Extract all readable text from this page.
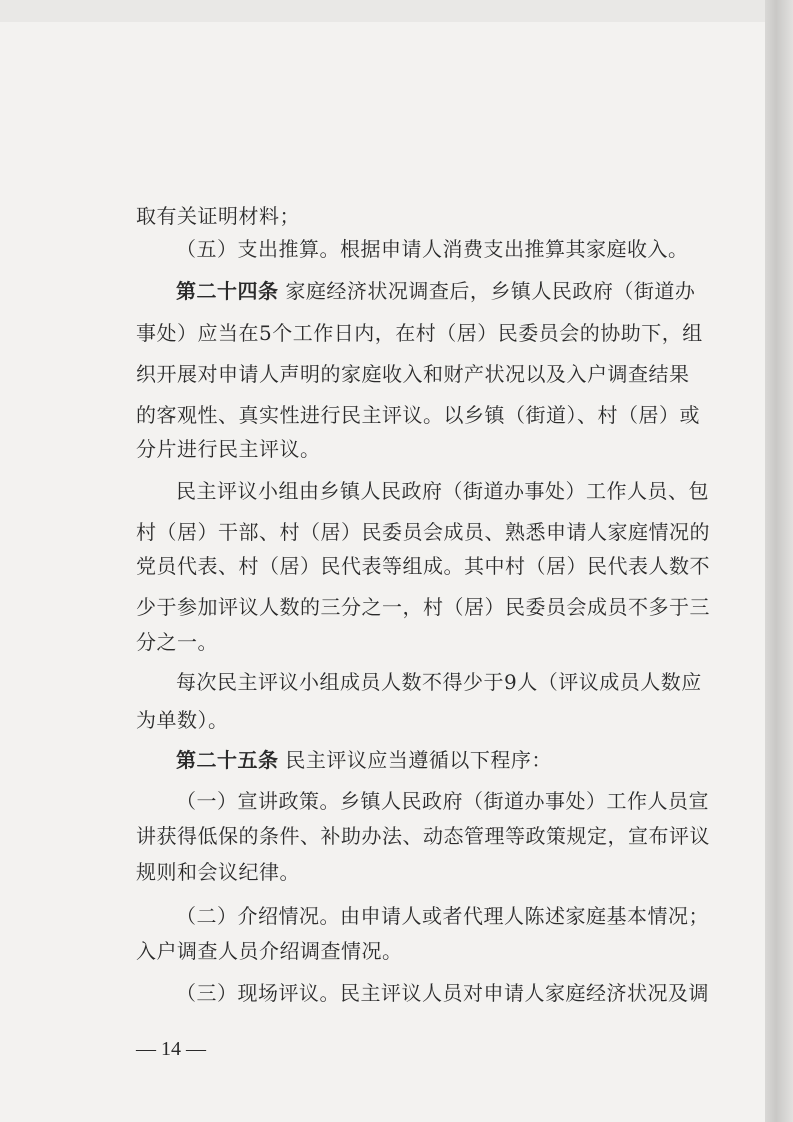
取有关证明材料；
（五）支出推算。根据申请人消费支出推算其家庭收入。
第二十四条 家庭经济状况调查后，乡镇人民政府（街道办
事处）应当在5个工作日内，在村（居）民委员会的协助下，组
织开展对申请人声明的家庭收入和财产状况以及入户调查结果
的客观性、真实性进行民主评议。以乡镇（街道）、村（居）或
分片进行民主评议。
民主评议小组由乡镇人民政府（街道办事处）工作人员、包
村（居）干部、村（居）民委员会成员、熟悉申请人家庭情况的
党员代表、村（居）民代表等组成。其中村（居）民代表人数不
少于参加评议人数的三分之一，村（居）民委员会成员不多于三
分之一。
每次民主评议小组成员人数不得少于9人（评议成员人数应
为单数）。
第二十五条 民主评议应当遵循以下程序：
（一）宣讲政策。乡镇人民政府（街道办事处）工作人员宣
讲获得低保的条件、补助办法、动态管理等政策规定，宣布评议
规则和会议纪律。
（二）介绍情况。由申请人或者代理人陈述家庭基本情况；
入户调查人员介绍调查情况。
（三）现场评议。民主评议人员对申请人家庭经济状况及调
— 14 —
